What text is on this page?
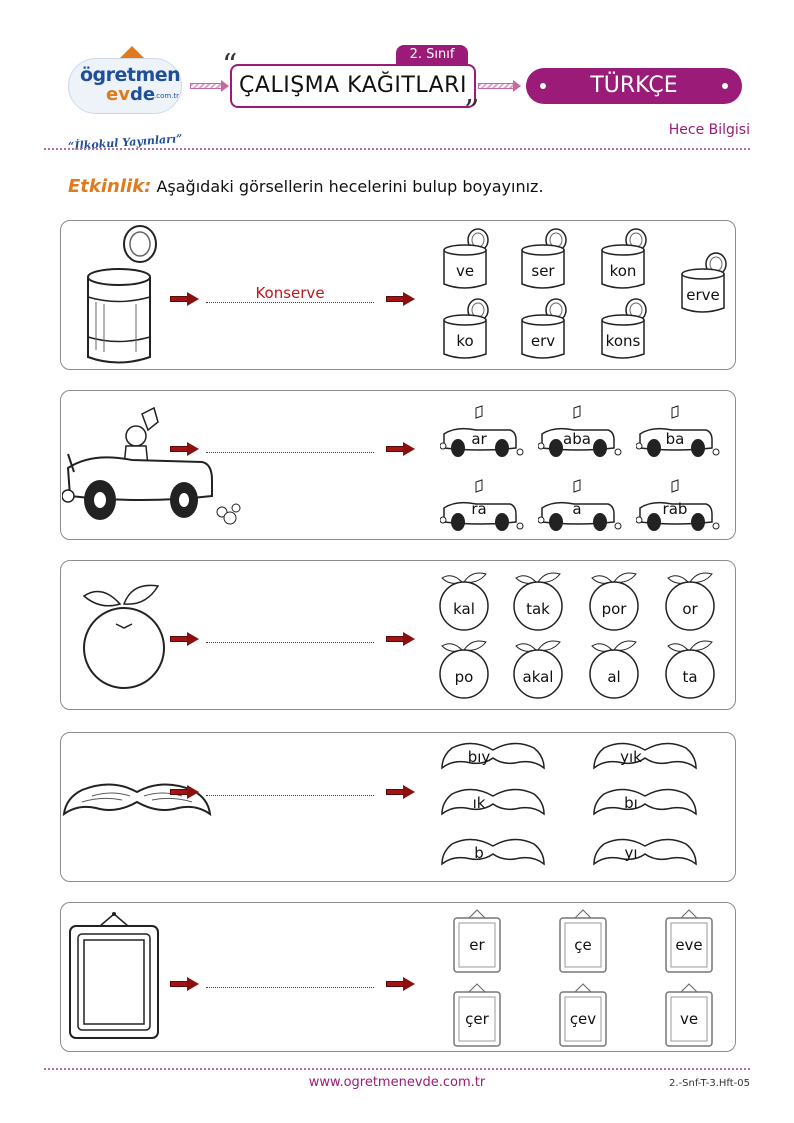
ögretmen
evde
.com.tr
“İlkokul Yayınları”
“	2. Sınıf
ÇALIŞMA KAĞITLARI
”
TÜRKÇE
Hece Bilgisi
Etkinlik: Aşağıdaki görsellerin hecelerini bulup boyayınız.
Konserve
ve	ser	kon
erve
ko	erv	kons
ar	aba	ba
ra	a	rab
kal	tak	por	or
po	akal	al	ta
bıy	yık
ık	bı
b	yı
er	çe	eve
çer	çev	ve
www.ogretmenevde.com.tr	2.-Snf-T-3.Hft-05
